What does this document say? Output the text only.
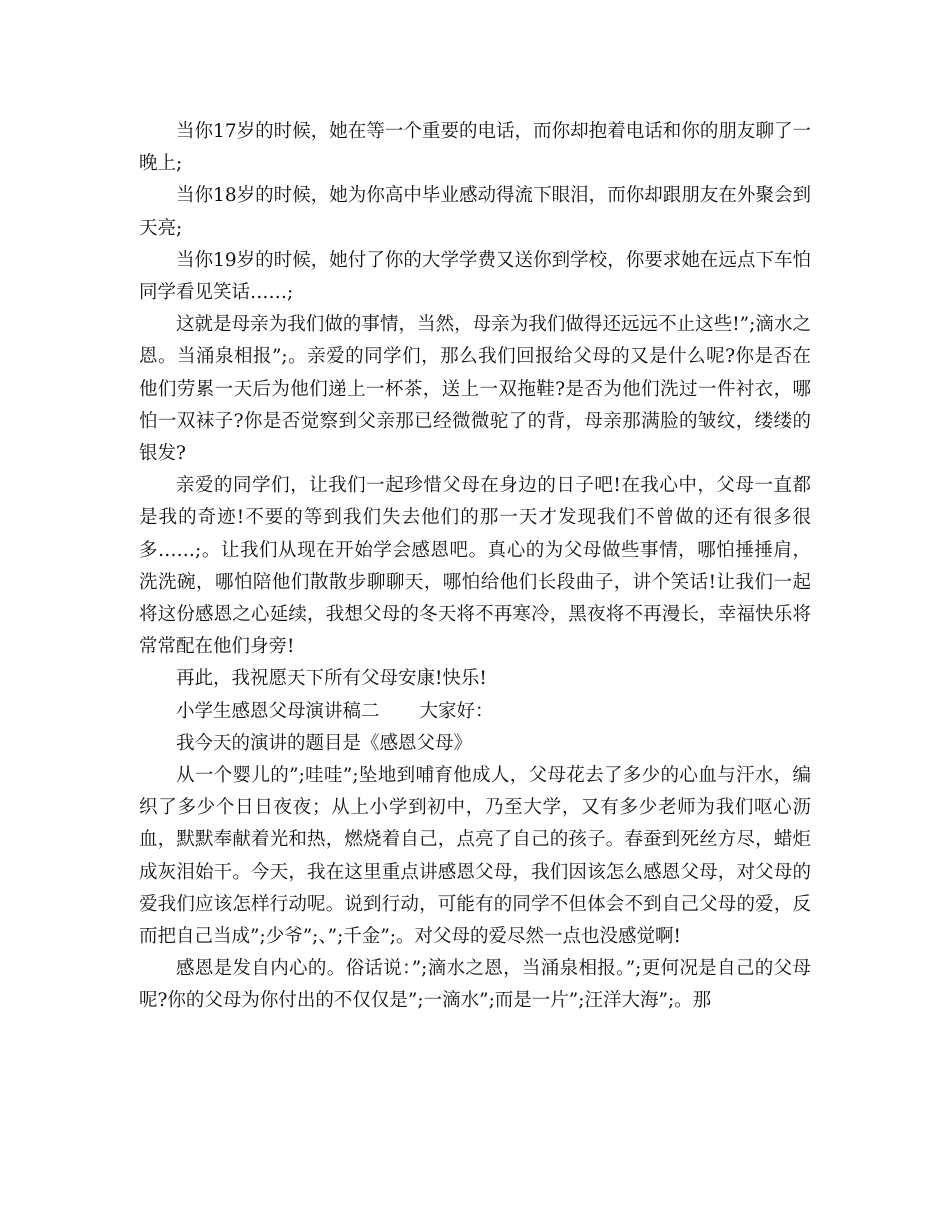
当你17岁的时候，她在等一个重要的电话，而你却抱着电话和你的朋友聊了一晚上;

当你18岁的时候，她为你高中毕业感动得流下眼泪，而你却跟朋友在外聚会到天亮;

当你19岁的时候，她付了你的大学学费又送你到学校，你要求她在远点下车怕同学看见笑话……;

这就是母亲为我们做的事情，当然，母亲为我们做得还远远不止这些!”;滴水之恩。当涌泉相报”;。亲爱的同学们，那么我们回报给父母的又是什么呢?你是否在他们劳累一天后为他们递上一杯茶，送上一双拖鞋?是否为他们洗过一件衬衣，哪怕一双袜子?你是否觉察到父亲那已经微微驼了的背，母亲那满脸的皱纹，缕缕的银发?

亲爱的同学们，让我们一起珍惜父母在身边的日子吧!在我心中，父母一直都是我的奇迹!不要的等到我们失去他们的那一天才发现我们不曾做的还有很多很多……;。让我们从现在开始学会感恩吧。真心的为父母做些事情，哪怕捶捶肩，洗洗碗，哪怕陪他们散散步聊聊天，哪怕给他们长段曲子，讲个笑话!让我们一起将这份感恩之心延续，我想父母的冬天将不再寒冷，黑夜将不再漫长，幸福快乐将常常配在他们身旁!

再此，我祝愿天下所有父母安康!快乐!

小学生感恩父母演讲稿二 大家好：

我今天的演讲的题目是《感恩父母》

从一个婴儿的”;哇哇”;坠地到哺育他成人，父母花去了多少的心血与汗水，编织了多少个日日夜夜；从上小学到初中，乃至大学，又有多少老师为我们呕心沥血，默默奉献着光和热，燃烧着自己，点亮了自己的孩子。春蚕到死丝方尽，蜡炬成灰泪始干。今天，我在这里重点讲感恩父母，我们因该怎么感恩父母，对父母的爱我们应该怎样行动呢。说到行动，可能有的同学不但体会不到自己父母的爱，反而把自己当成”;少爷”;、”;千金”;。对父母的爱尽然一点也没感觉啊!

感恩是发自内心的。俗话说：”;滴水之恩，当涌泉相报。”;更何况是自己的父母呢?你的父母为你付出的不仅仅是”;一滴水”;而是一片”;汪洋大海”;。那
